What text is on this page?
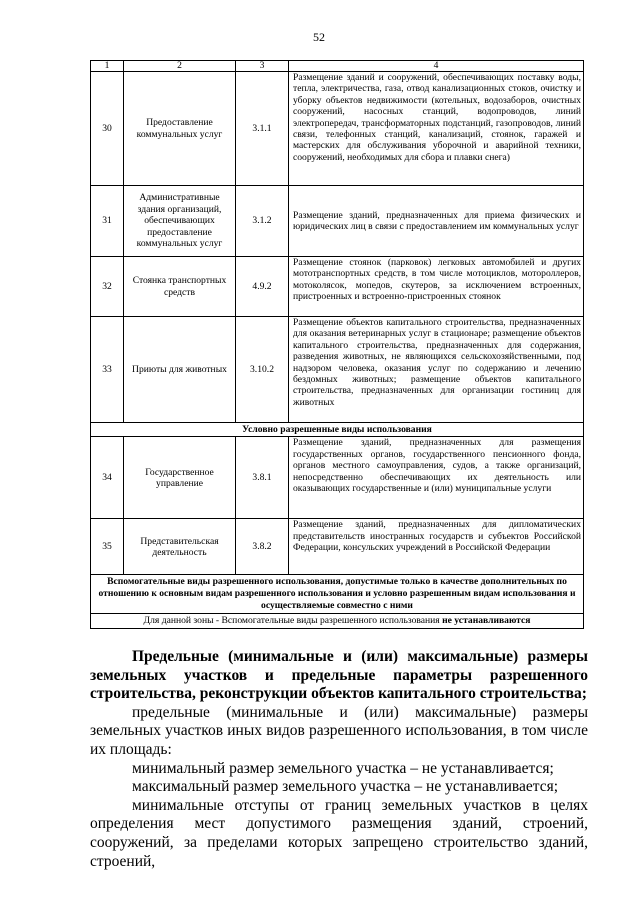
52
1	2	3	4
30	Предоставление коммунальных услуг	3.1.1	Размещение зданий и сооружений, обеспечивающих поставку воды, тепла, электричества, газа, отвод канализационных стоков, очистку и уборку объектов недвижимости (котельных, водозаборов, очистных сооружений, насосных станций, водопроводов, линий электропередач, трансформаторных подстанций, газопроводов, линий связи, телефонных станций, канализаций, стоянок, гаражей и мастерских для обслуживания уборочной и аварийной техники, сооружений, необходимых для сбора и плавки снега)
31	Административные здания организаций, обеспечивающих предоставление коммунальных услуг	3.1.2	Размещение зданий, предназначенных для приема физических и юридических лиц в связи с предоставлением им коммунальных услуг
32	Стоянка транспортных средств	4.9.2	Размещение стоянок (парковок) легковых автомобилей и других мототранспортных средств, в том числе мотоциклов, мотороллеров, мотоколясок, мопедов, скутеров, за исключением встроенных, пристроенных и встроенно-пристроенных стоянок
33	Приюты для животных	3.10.2	Размещение объектов капитального строительства, предназначенных для оказания ветеринарных услуг в стационаре; размещение объектов капитального строительства, предназначенных для содержания, разведения животных, не являющихся сельскохозяйственными, под надзором человека, оказания услуг по содержанию и лечению бездомных животных; размещение объектов капитального строительства, предназначенных для организации гостиниц для животных
Условно разрешенные виды использования			
34	Государственное управление	3.8.1	Размещение зданий, предназначенных для размещения государственных органов, государственного пенсионного фонда, органов местного самоуправления, судов, а также организаций, непосредственно обеспечивающих их деятельность или оказывающих государственные и (или) муниципальные услуги
35	Представительская деятельность	3.8.2	Размещение зданий, предназначенных для дипломатических представительств иностранных государств и субъектов Российской Федерации, консульских учреждений в Российской Федерации
Вспомогательные виды разрешенного использования, допустимые только в качестве дополнительных по отношению к основным видам разрешенного использования и условно разрешенным видам использования и осуществляемые совместно с ними			
Для данной зоны - Вспомогательные виды разрешенного использования не устанавливаются			

Предельные (минимальные и (или) максимальные) размеры земельных участков и предельные параметры разрешенного строительства, реконструкции объектов капитального строительства;

предельные (минимальные и (или) максимальные) размеры земельных участков иных видов разрешенного использования, в том числе их площадь:

минимальный размер земельного участка – не устанавливается;

максимальный размер земельного участка – не устанавливается;

минимальные отступы от границ земельных участков в целях определения мест допустимого размещения зданий, строений, сооружений, за пределами которых запрещено строительство зданий, строений,
